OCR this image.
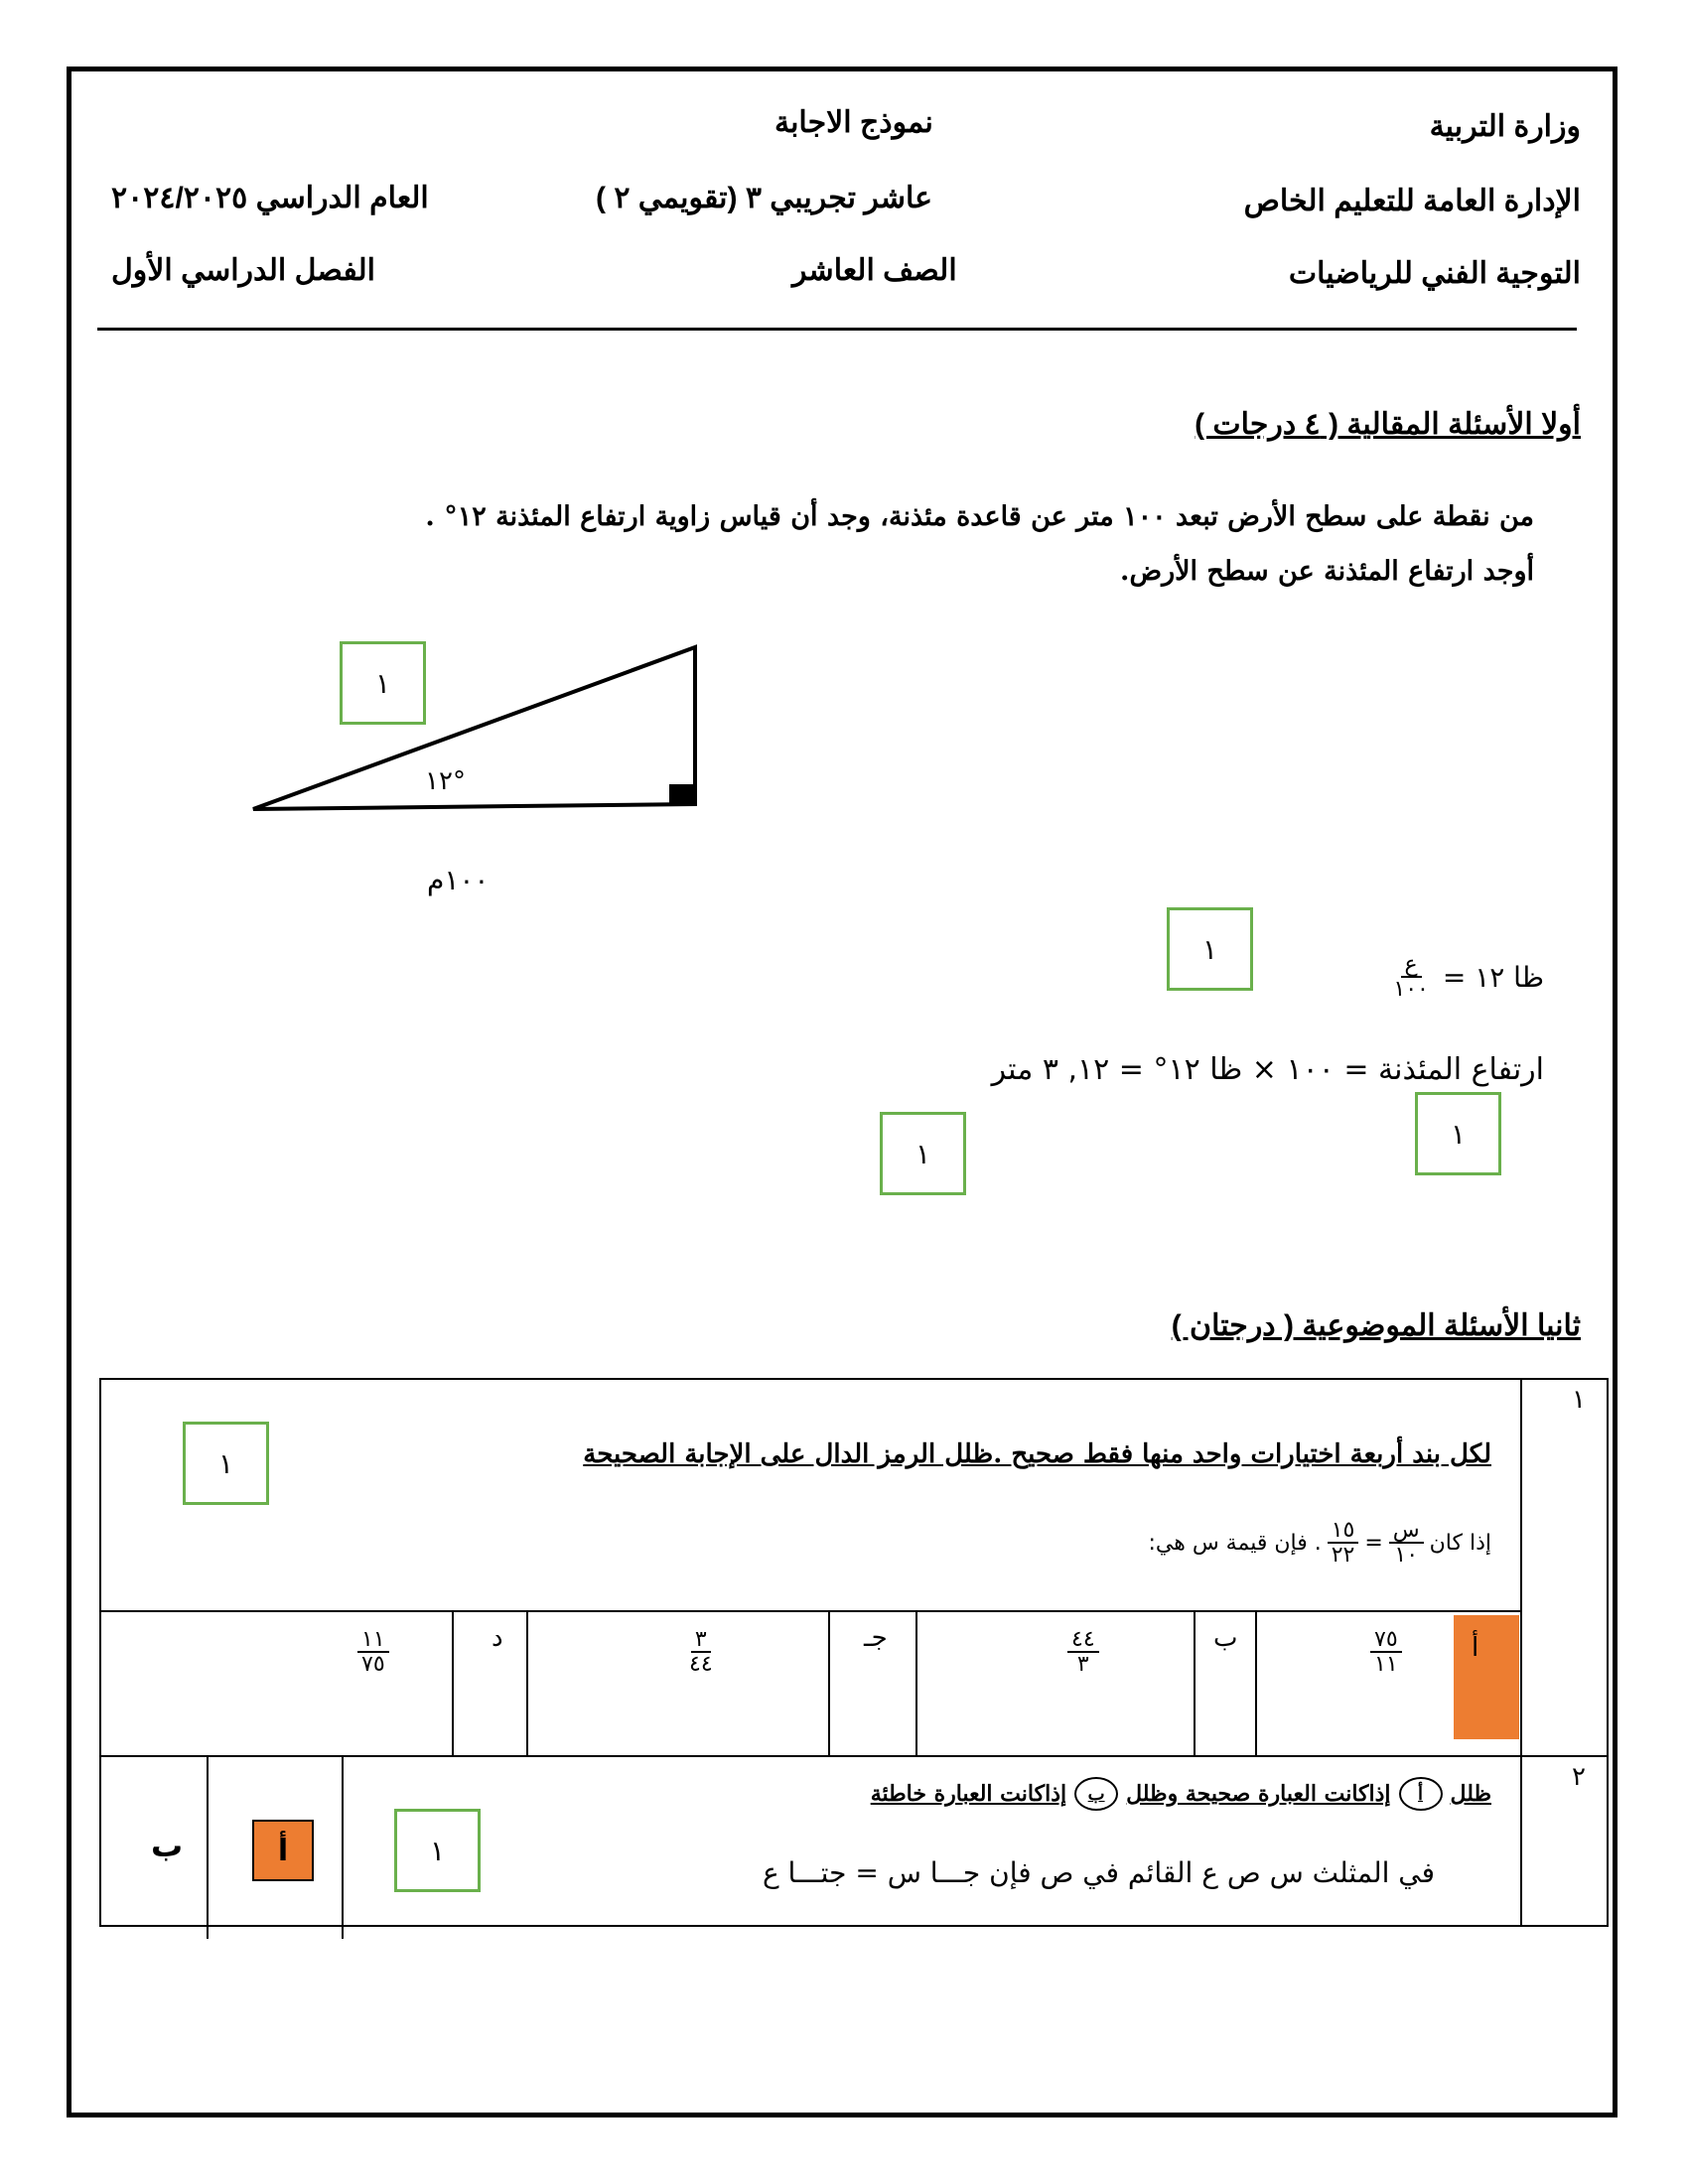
وزارة التربية
نموذج الاجابة
الإدارة العامة للتعليم الخاص
عاشر تجريبي ٣ (تقويمي ٢ )
العام الدراسي ٢٠٢٤/٢٠٢٥
التوجية الفني للرياضيات
الصف العاشر
الفصل الدراسي الأول
أولا الأسئلة المقالية ( ٤ درجات )
من نقطة على سطح الأرض تبعد ١٠٠ متر عن قاعدة مئذنة، وجد أن قياس زاوية ارتفاع المئذنة ١٢° .
أوجد ارتفاع المئذنة عن سطح الأرض.
°١٢
١٠٠م
١
١
ظا ١٢ =
$\frac{\text{ع}}{١٠٠}$
ارتفاع المئذنة = ١٠٠ × ظا ١٢° = ١٢, ٣ متر
١
١
ثانيا الأسئلة الموضوعية ( درجتان )
١
لكل بند أربعة اختيارات واحد منها فقط صحيح .ظلل الرمز الدال على الإجابة الصحيحة
١
إذا كان
$\frac{\text{س}}{١٠}$
=
$\frac{١٥}{٢٢}$
. فإن قيمة س هي:
أ
$\frac{٧٥}{١١}$
ب
$\frac{٤٤}{٣}$
جـ
$\frac{٣}{٤٤}$
د
$\frac{١١}{٧٥}$
٢
ظلل
أ
إذاكانت العبارة صحيحة وظلل
ب
إذاكانت العبارة خاطئة
في المثلث س ص ع القائم في ص فإن جـــا س = جتـــا ع
١
أ
ب
